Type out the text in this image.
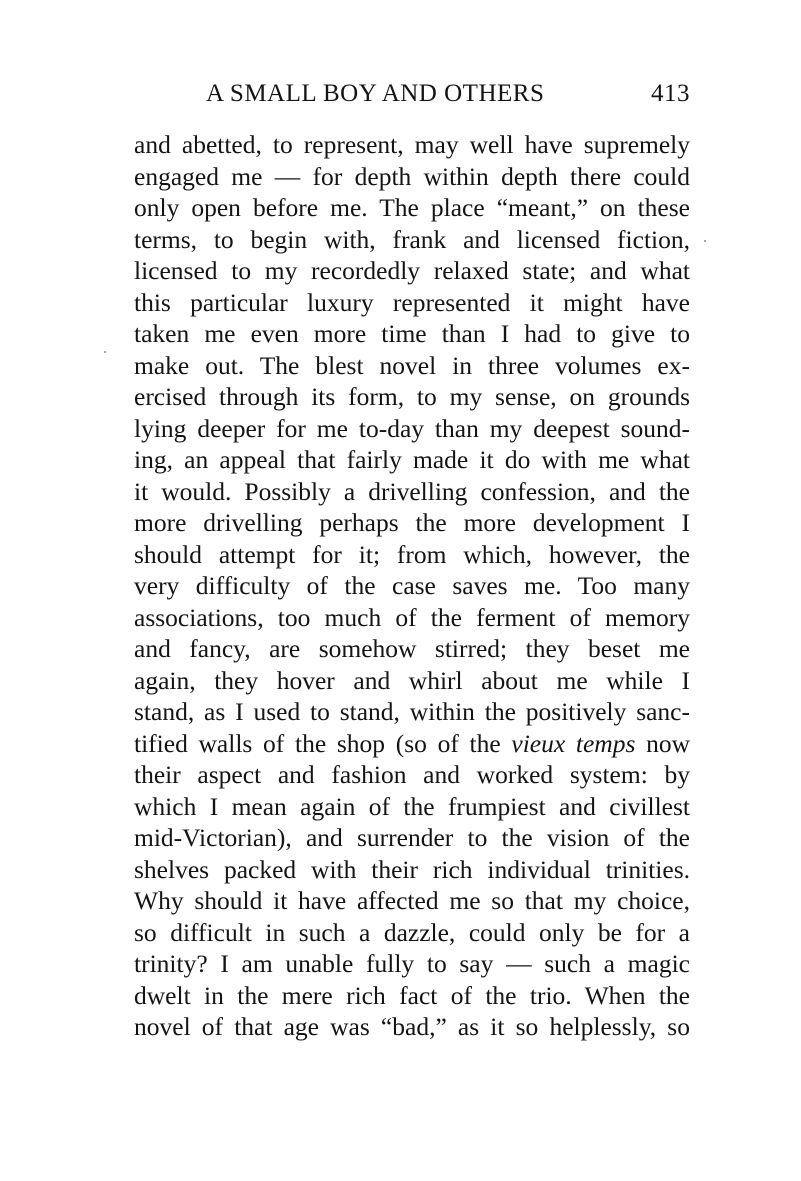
A SMALL BOY AND OTHERS	413
and abetted, to represent, may well have supremely
engaged me — for depth within depth there could
only open before me. The place “meant,” on these
terms, to begin with, frank and licensed fiction,
licensed to my recordedly relaxed state; and what
this particular luxury represented it might have
taken me even more time than I had to give to
make out. The blest novel in three volumes ex-
ercised through its form, to my sense, on grounds
lying deeper for me to-day than my deepest sound-
ing, an appeal that fairly made it do with me what
it would. Possibly a drivelling confession, and the
more drivelling perhaps the more development I
should attempt for it; from which, however, the
very difficulty of the case saves me. Too many
associations, too much of the ferment of memory
and fancy, are somehow stirred; they beset me
again, they hover and whirl about me while I
stand, as I used to stand, within the positively sanc-
tified walls of the shop (so of the vieux temps now
their aspect and fashion and worked system: by
which I mean again of the frumpiest and civillest
mid-Victorian), and surrender to the vision of the
shelves packed with their rich individual trinities.
Why should it have affected me so that my choice,
so difficult in such a dazzle, could only be for a
trinity? I am unable fully to say — such a magic
dwelt in the mere rich fact of the trio. When the
novel of that age was “bad,” as it so helplessly, so
